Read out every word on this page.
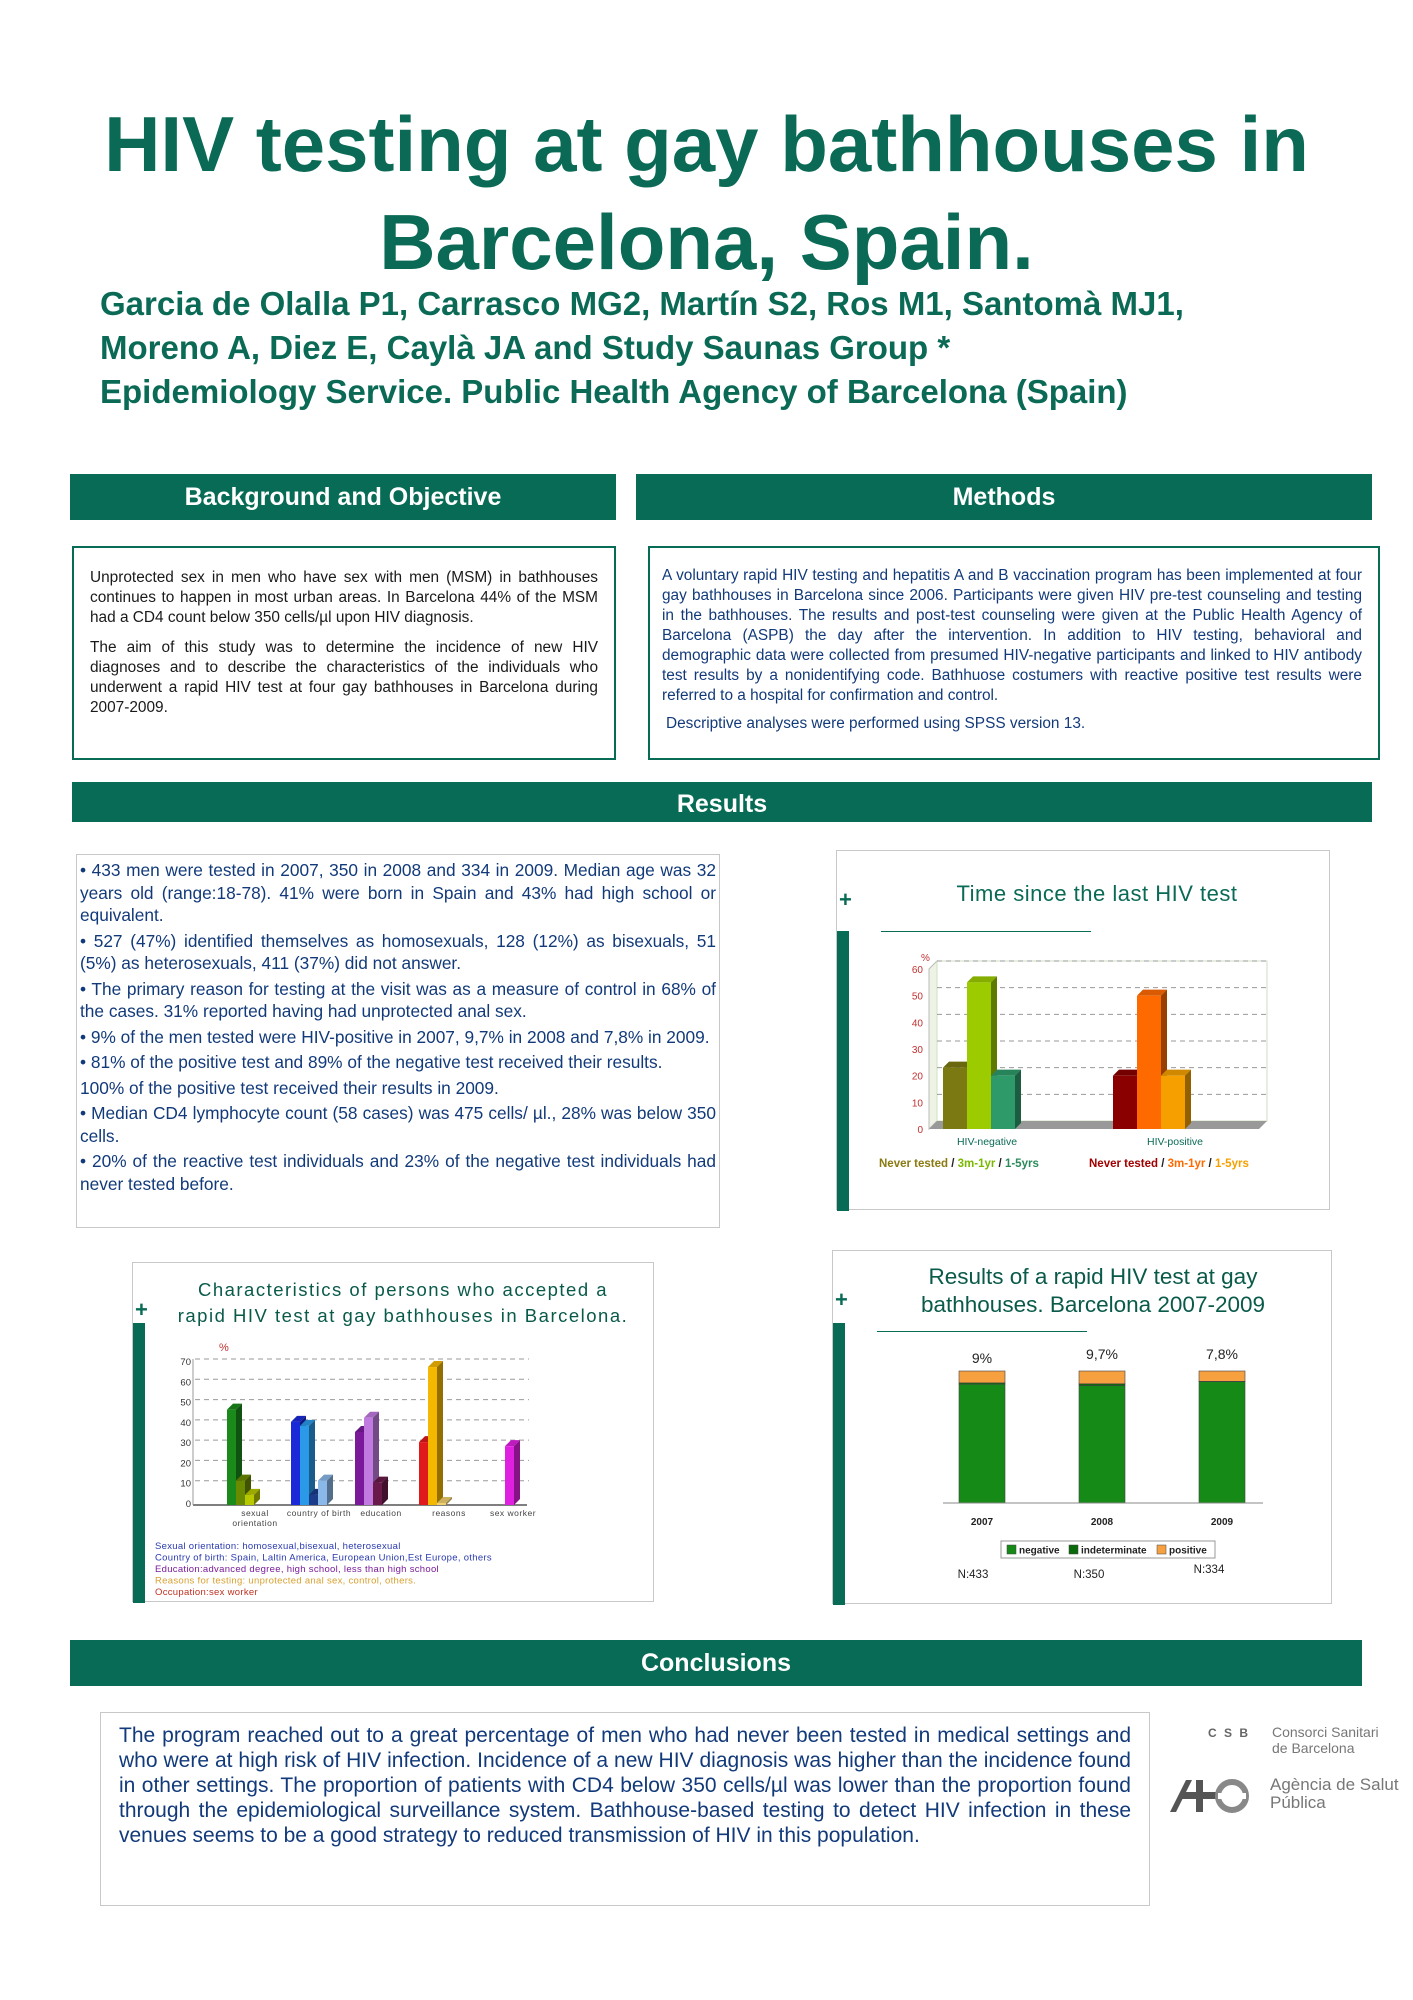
HIV testing at gay bathhouses in
Barcelona, Spain.
Garcia de Olalla P1, Carrasco MG2, Martín S2, Ros M1, Santomà MJ1,
Moreno A, Diez E, Caylà JA and Study Saunas Group *
Epidemiology Service. Public Health Agency of Barcelona (Spain)
Background and Objective

Unprotected sex in men who have sex with men (MSM) in bathhouses continues to happen in most urban areas. In Barcelona 44% of the MSM had a CD4 count below 350 cells/µl upon HIV diagnosis.

The aim of this study was to determine the incidence of new HIV diagnoses and to describe the characteristics of the individuals who underwent a rapid HIV test at four gay bathhouses in Barcelona during 2007-2009.

Methods

A voluntary rapid HIV testing and hepatitis A and B vaccination program has been implemented at four gay bathhouses in Barcelona since 2006. Participants were given HIV pre-test counseling and testing in the bathhouses. The results and post-test counseling were given at the Public Health Agency of Barcelona (ASPB) the day after the intervention. In addition to HIV testing, behavioral and demographic data were collected from presumed HIV-negative participants and linked to HIV antibody test results by a nonidentifying code. Bathhuose costumers with reactive positive test results were referred to a hospital for confirmation and control.

Descriptive analyses were performed using SPSS version 13.

Results

• 433 men were tested in 2007, 350 in 2008 and 334 in 2009. Median age was 32 years old (range:18-78). 41% were born in Spain and 43% had high school or equivalent.

• 527 (47%) identified themselves as homosexuals, 128 (12%) as bisexuals, 51 (5%) as heterosexuals, 411 (37%) did not answer.

• The primary reason for testing at the visit was as a measure of control in 68% of the cases. 31% reported having had unprotected anal sex.

• 9% of the men tested were HIV-positive in 2007, 9,7% in 2008 and 7,8% in 2009.

• 81% of the positive test and 89% of the negative test received their results.

100% of the positive test received their results in 2009.

• Median CD4 lymphocyte count (58 cases) was 475 cells/ µl., 28% was below 350 cells.

• 20% of the reactive test individuals and 23% of the negative test individuals had never tested before.

+	Time since the last HIV test
%
0
10
20
30
40
50
60
HIV-negative	HIV-positive
Never tested / 3m-1yr / 1-5yrs	Never tested / 3m-1yr / 1-5yrs
+
Characteristics of persons who accepted a
rapid HIV test at gay bathhouses in Barcelona.
%
0
10
20
30
40
50
60
70
sexual
orientation
country of birth education	reasons	sex worker
Sexual orientation: homosexual,bisexual, heterosexual
Country of birth: Spain, Laltin America, European Union,Est Europe, others
Education:advanced degree, high school, less than high school
Reasons for testing: unprotected anal sex, control, others.
Occupation:sex worker
+
Results of a rapid HIV test at gay
bathhouses. Barcelona 2007-2009
9%
2007
9,7%
2008
7,8%
2009
negative indeterminate positive
N:433	N:350	N:334
Conclusions
The program reached out to a great percentage of men who had never been tested in medical settings and who were at high risk of HIV infection. Incidence of a new HIV diagnosis was higher than the incidence found in other settings. The proportion of patients with CD4 below 350 cells/µl was lower than the proportion found through the epidemiological surveillance system. Bathhouse-based testing to detect HIV infection in these venues seems to be a good strategy to reduced transmission of HIV in this population.
C S B Consorci Sanitari de Barcelona
Agència de Salut Pública
